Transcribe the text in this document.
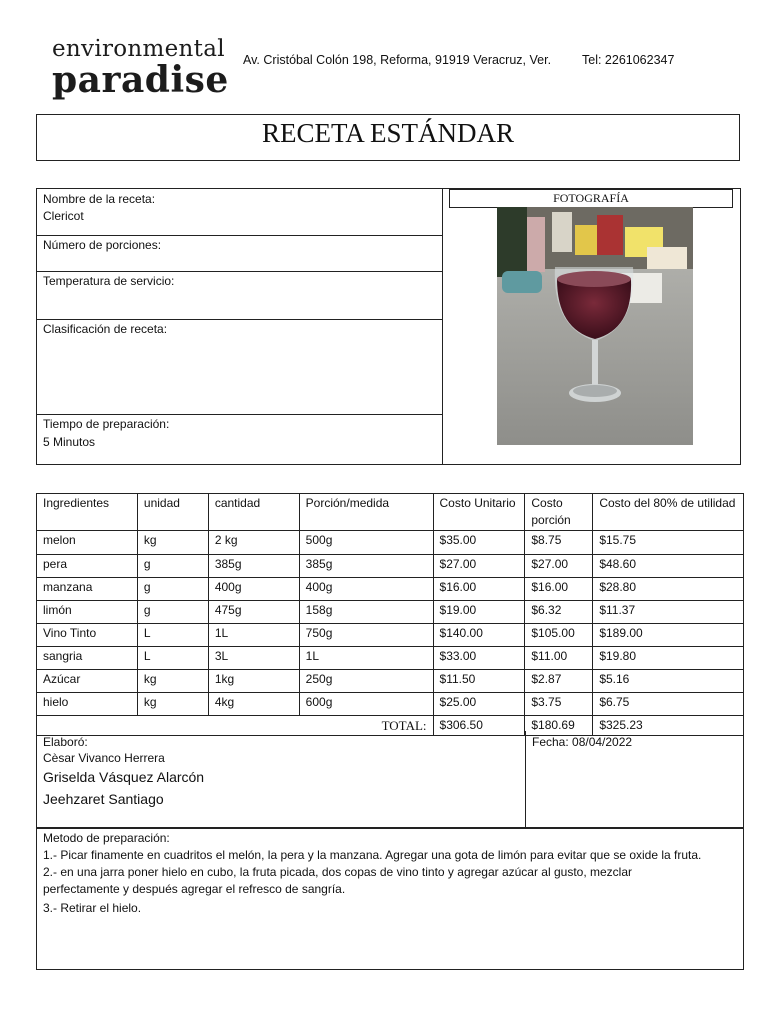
environmental
paradise Av. Cristóbal Colón 198, Reforma, 91919 Veracruz, Ver. Tel: 2261062347
RECETA ESTÁNDAR
Nombre de la receta:
Clericot
Número de porciones:
Temperatura de servicio:
Clasificación de receta:
Tiempo de preparación:
5 Minutos
FOTOGRAFÍA
Ingredientes	unidad	cantidad	Porción/medida	Costo Unitario	Costo porción	Costo del 80% de utilidad
melon	kg	2 kg	500g	$35.00	$8.75	$15.75
pera	g	385g	385g	$27.00	$27.00	$48.60
manzana	g	400g	400g	$16.00	$16.00	$28.80
limón	g	475g	158g	$19.00	$6.32	$11.37
Vino Tinto	L	1L	750g	$140.00	$105.00	$189.00
sangria	L	3L	1L	$33.00	$11.00	$19.80
Azúcar	kg	1kg	250g	$11.50	$2.87	$5.16
hielo	kg	4kg	600g	$25.00	$3.75	$6.75
TOTAL:				$306.50	$180.69	$325.23
Elaboró:
Cèsar Vivanco Herrera
Griselda Vásquez Alarcón
Jeehzaret Santiago
Fecha: 08/04/2022
Metodo de preparación:
1.- Picar finamente en cuadritos el melón, la pera y la manzana. Agregar una gota de limón para evitar que se oxide la fruta.
2.- en una jarra poner hielo en cubo, la fruta picada, dos copas de vino tinto y agregar azúcar al gusto, mezclar
perfectamente y después agregar el refresco de sangría.
3.- Retirar el hielo.
